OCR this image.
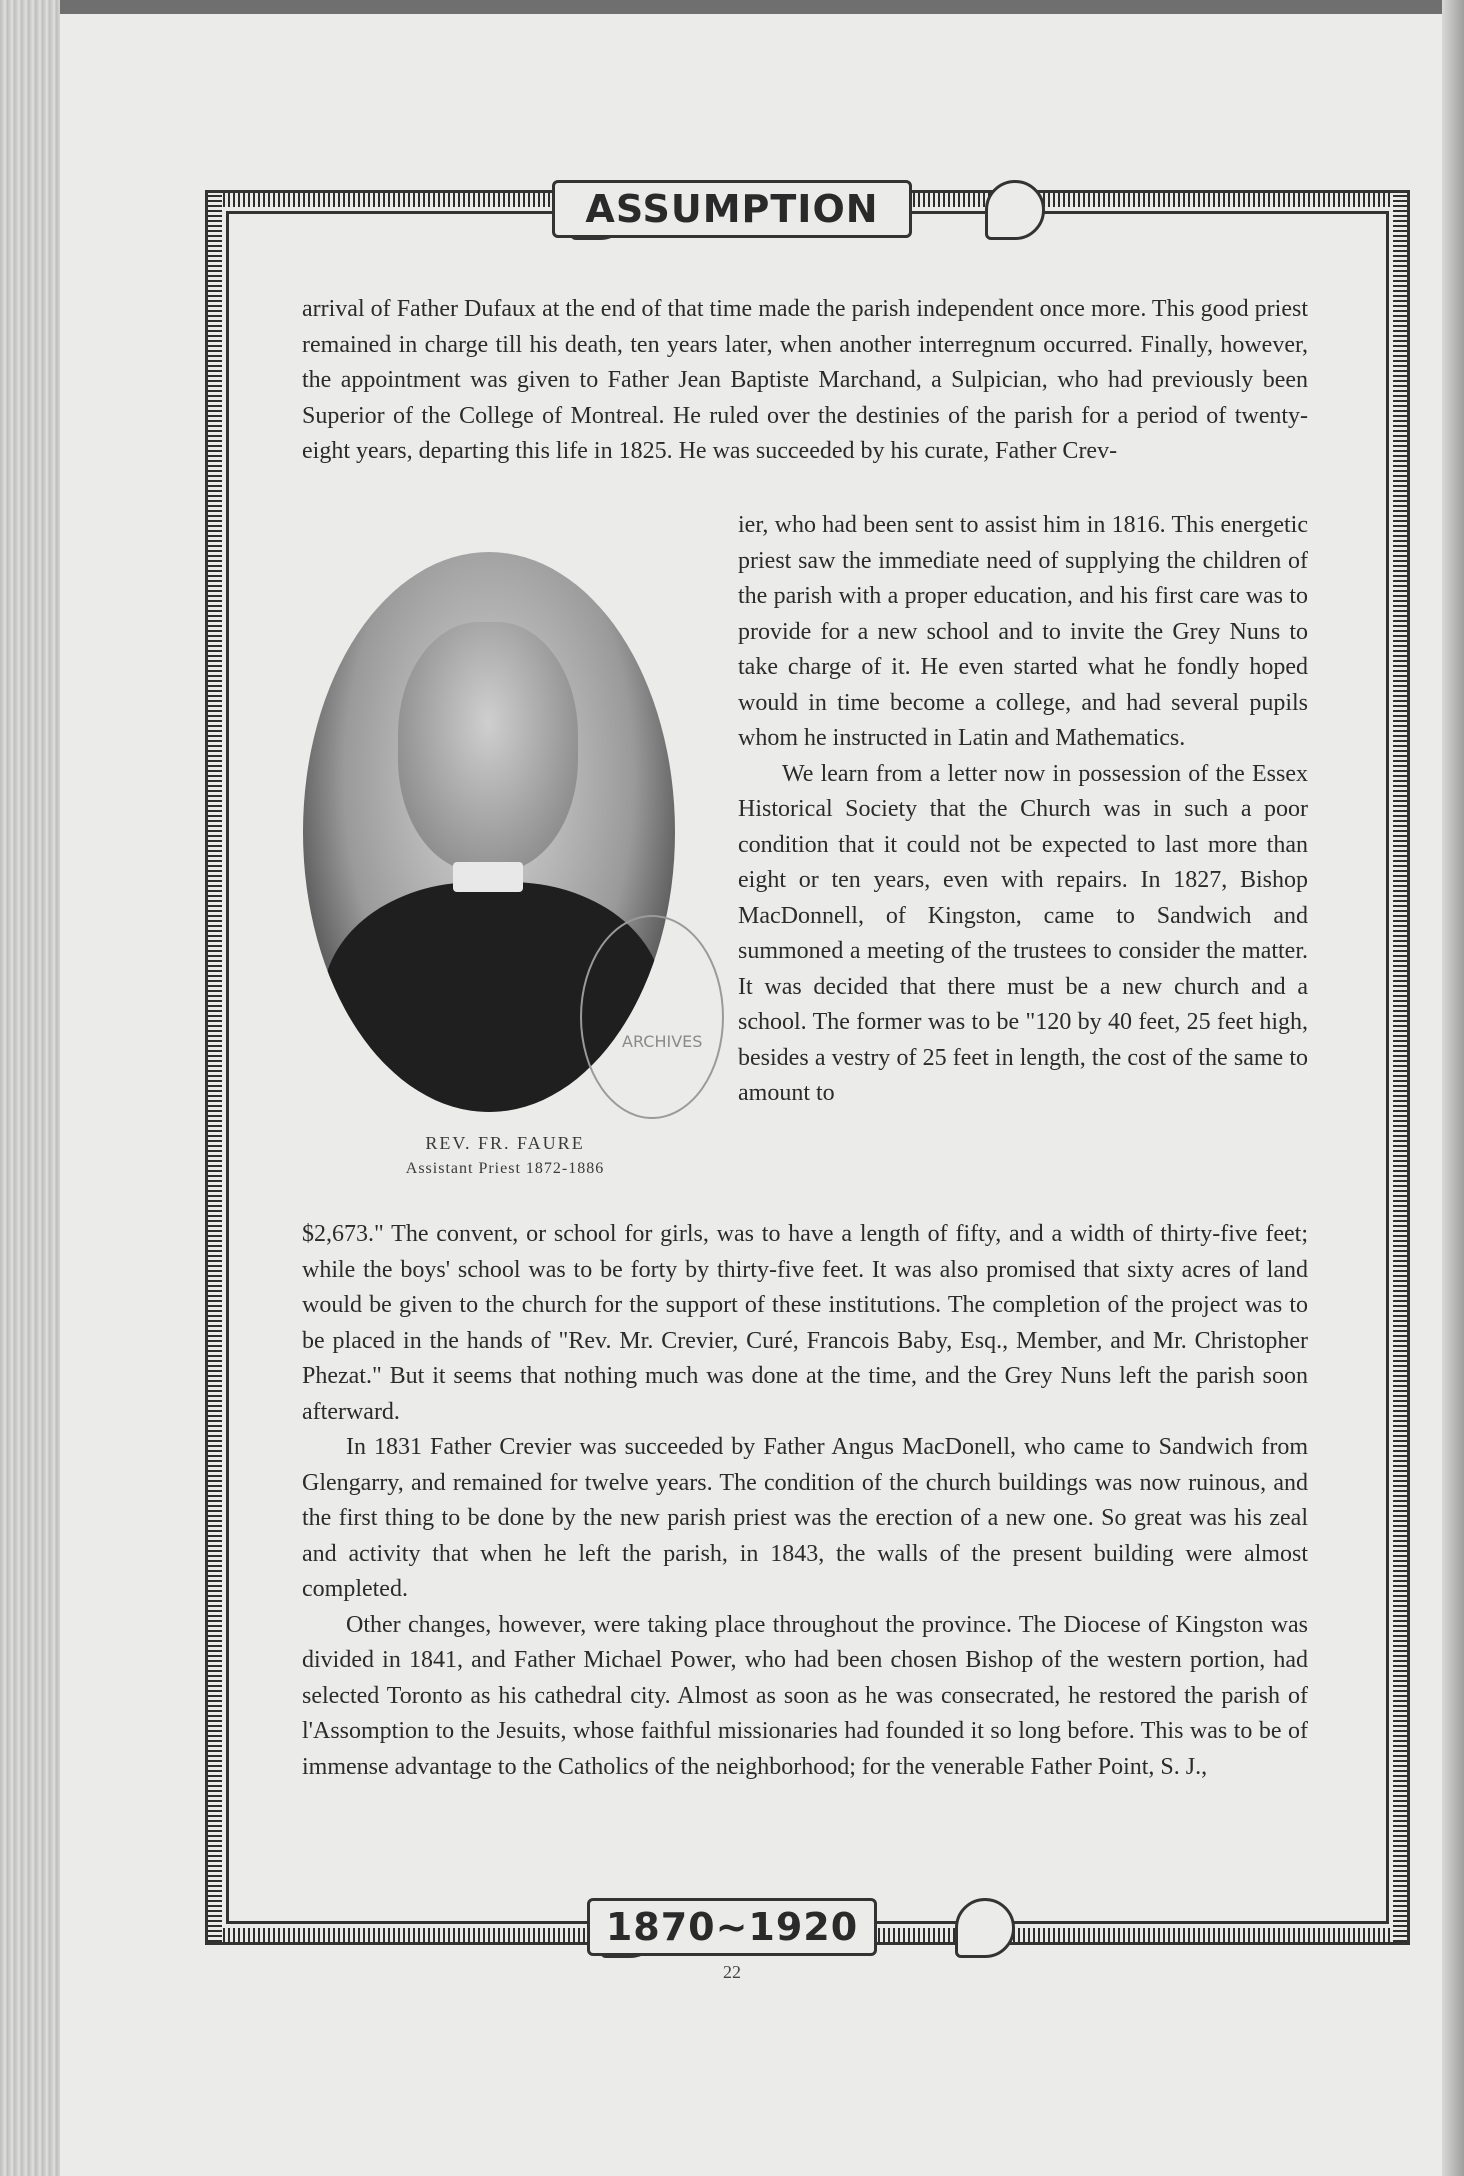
ASSUMPTION

arrival of Father Dufaux at the end of that time made the parish independent once more. This good priest remained in charge till his death, ten years later, when another interregnum occurred. Finally, however, the appointment was given to Father Jean Baptiste Marchand, a Sulpician, who had previously been Superior of the College of Montreal. He ruled over the destinies of the parish for a period of twenty-eight years, departing this life in 1825. He was succeeded by his curate, Father Crev-

ARCHIVES
REV. FR. FAURE
Assistant Priest 1872-1886

ier, who had been sent to assist him in 1816. This energetic priest saw the immediate need of supplying the children of the parish with a proper education, and his first care was to provide for a new school and to invite the Grey Nuns to take charge of it. He even started what he fondly hoped would in time become a college, and had several pupils whom he instructed in Latin and Mathematics.

We learn from a letter now in possession of the Essex Historical Society that the Church was in such a poor condition that it could not be expected to last more than eight or ten years, even with repairs. In 1827, Bishop MacDonnell, of Kingston, came to Sandwich and summoned a meeting of the trustees to consider the matter. It was decided that there must be a new church and a school. The former was to be "120 by 40 feet, 25 feet high, besides a vestry of 25 feet in length, the cost of the same to amount to

$2,673." The convent, or school for girls, was to have a length of fifty, and a width of thirty-five feet; while the boys' school was to be forty by thirty-five feet. It was also promised that sixty acres of land would be given to the church for the support of these institutions. The completion of the project was to be placed in the hands of "Rev. Mr. Crevier, Curé, Francois Baby, Esq., Member, and Mr. Christopher Phezat." But it seems that nothing much was done at the time, and the Grey Nuns left the parish soon afterward.

In 1831 Father Crevier was succeeded by Father Angus MacDonell, who came to Sandwich from Glengarry, and remained for twelve years. The condition of the church buildings was now ruinous, and the first thing to be done by the new parish priest was the erection of a new one. So great was his zeal and activity that when he left the parish, in 1843, the walls of the present building were almost completed.

Other changes, however, were taking place throughout the province. The Diocese of Kingston was divided in 1841, and Father Michael Power, who had been chosen Bishop of the western portion, had selected Toronto as his cathedral city. Almost as soon as he was consecrated, he restored the parish of l'Assomption to the Jesuits, whose faithful missionaries had founded it so long before. This was to be of immense advantage to the Catholics of the neighborhood; for the venerable Father Point, S. J.,

1870~1920
22
